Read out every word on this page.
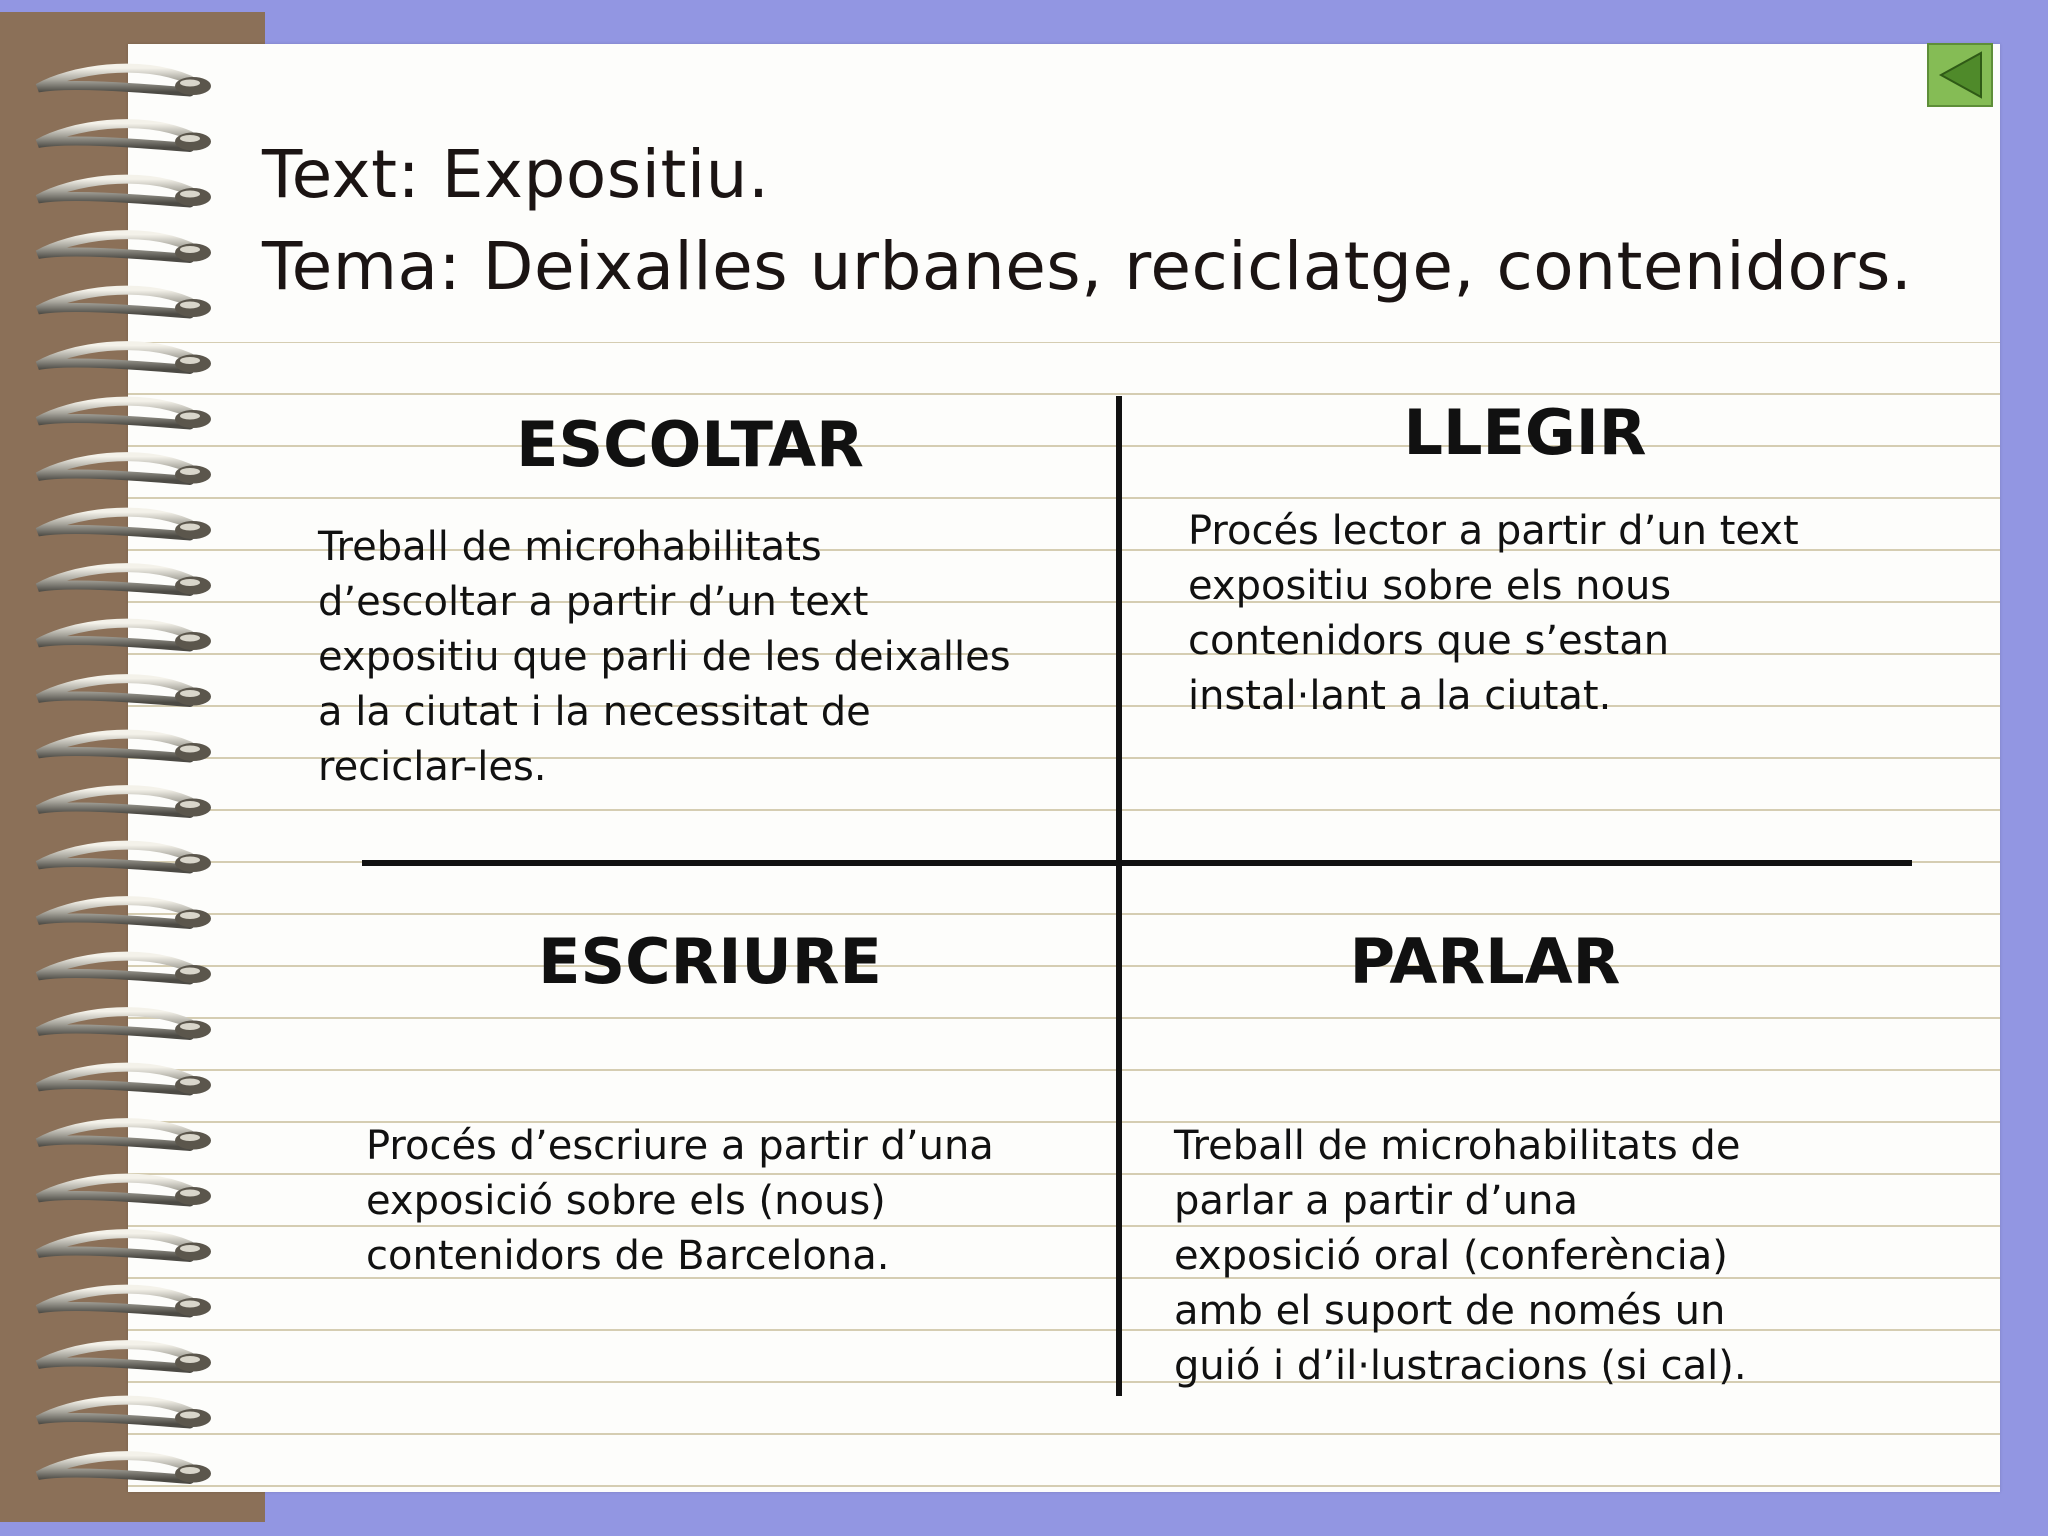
Text: Expositiu.
Tema: Deixalles urbanes, reciclatge, contenidors.
ESCOLTAR
Treball de microhabilitats
d’escoltar a partir d’un text
expositiu que parli de les deixalles
a la ciutat i la necessitat de
reciclar-les.
LLEGIR
Procés lector a partir d’un text
expositiu sobre els nous
contenidors que s’estan
instal·lant a la ciutat.
ESCRIURE
Procés d’escriure a partir d’una
exposició sobre els (nous)
contenidors de Barcelona.
PARLAR
Treball de microhabilitats de
parlar a partir d’una
exposició oral (conferència)
amb el suport de només un
guió i d’il·lustracions (si cal).
